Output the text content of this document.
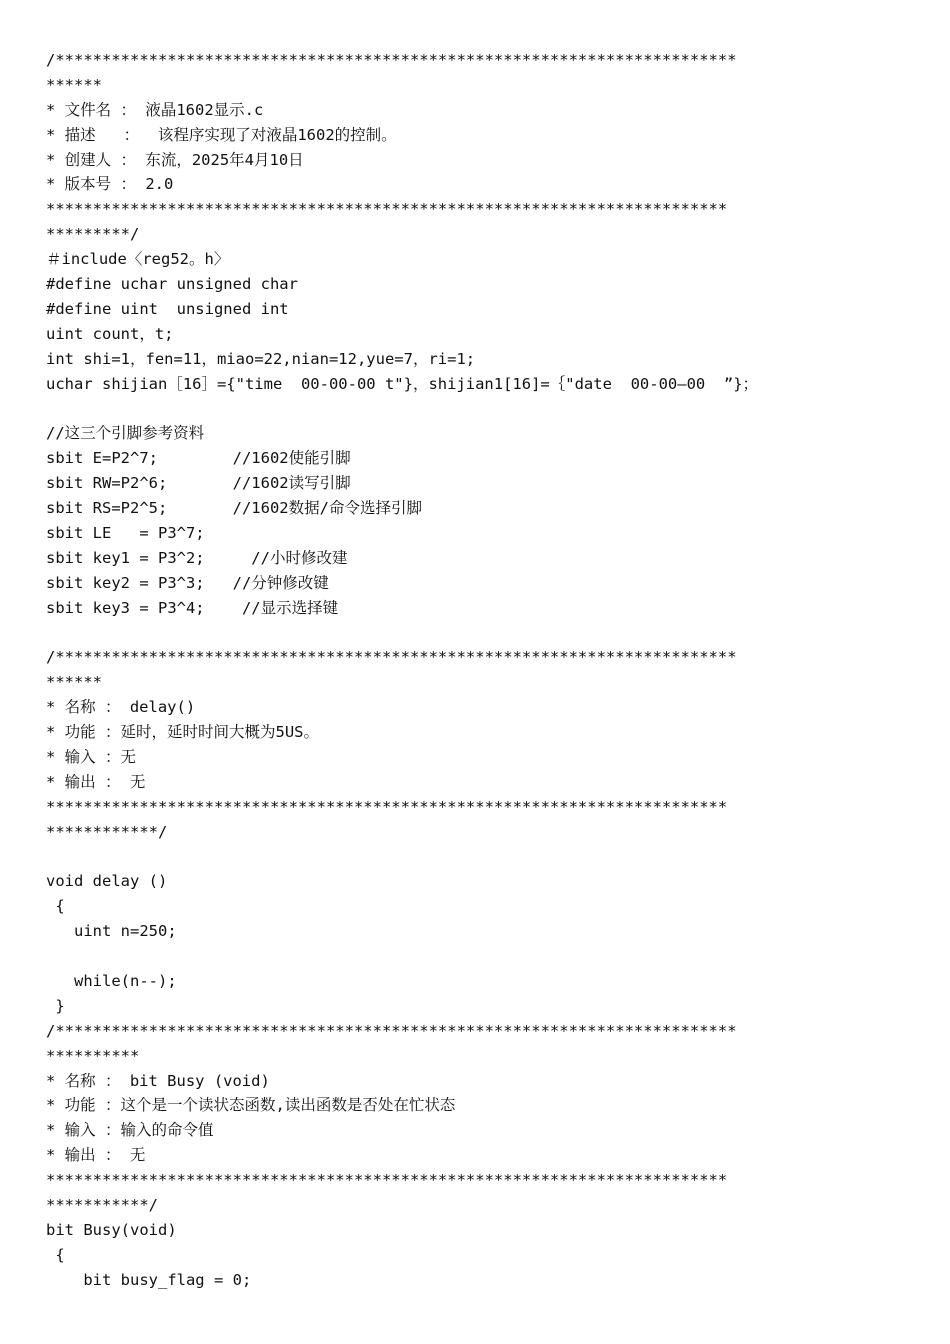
/*************************************************************************
******
* 文件名 ： 液晶1602显示.c
* 描述   ：  该程序实现了对液晶1602的控制。
* 创建人 ： 东流，2025年4月10日
* 版本号 ： 2.0
*************************************************************************
*********/
＃include〈reg52。h〉
#define uchar unsigned char
#define uint  unsigned int
uint count，t;
int shi=1，fen=11，miao=22,nian=12,yue=7，ri=1;
uchar shijian［16］={"time  00-00-00 t"}，shijian1[16]=｛"date  00-00—00  ”}；
//这三个引脚参考资料
sbit E=P2^7;        //1602使能引脚
sbit RW=P2^6;       //1602读写引脚
sbit RS=P2^5;       //1602数据/命令选择引脚
sbit LE   = P3^7;
sbit key1 = P3^2;     //小时修改建
sbit key2 = P3^3;   //分钟修改键
sbit key3 = P3^4;    //显示选择键
/*************************************************************************
******
* 名称 ： delay()
* 功能 ：延时，延时时间大概为5US。
* 输入 ：无
* 输出 ： 无
*************************************************************************
************/
void delay ()
{
uint n=250;
while(n--);
}
/*************************************************************************
**********
* 名称 ： bit Busy (void)
* 功能 ：这个是一个读状态函数,读出函数是否处在忙状态
* 输入 ：输入的命令值
* 输出 ： 无
*************************************************************************
***********/
bit Busy(void)
{
bit busy_flag = 0;
